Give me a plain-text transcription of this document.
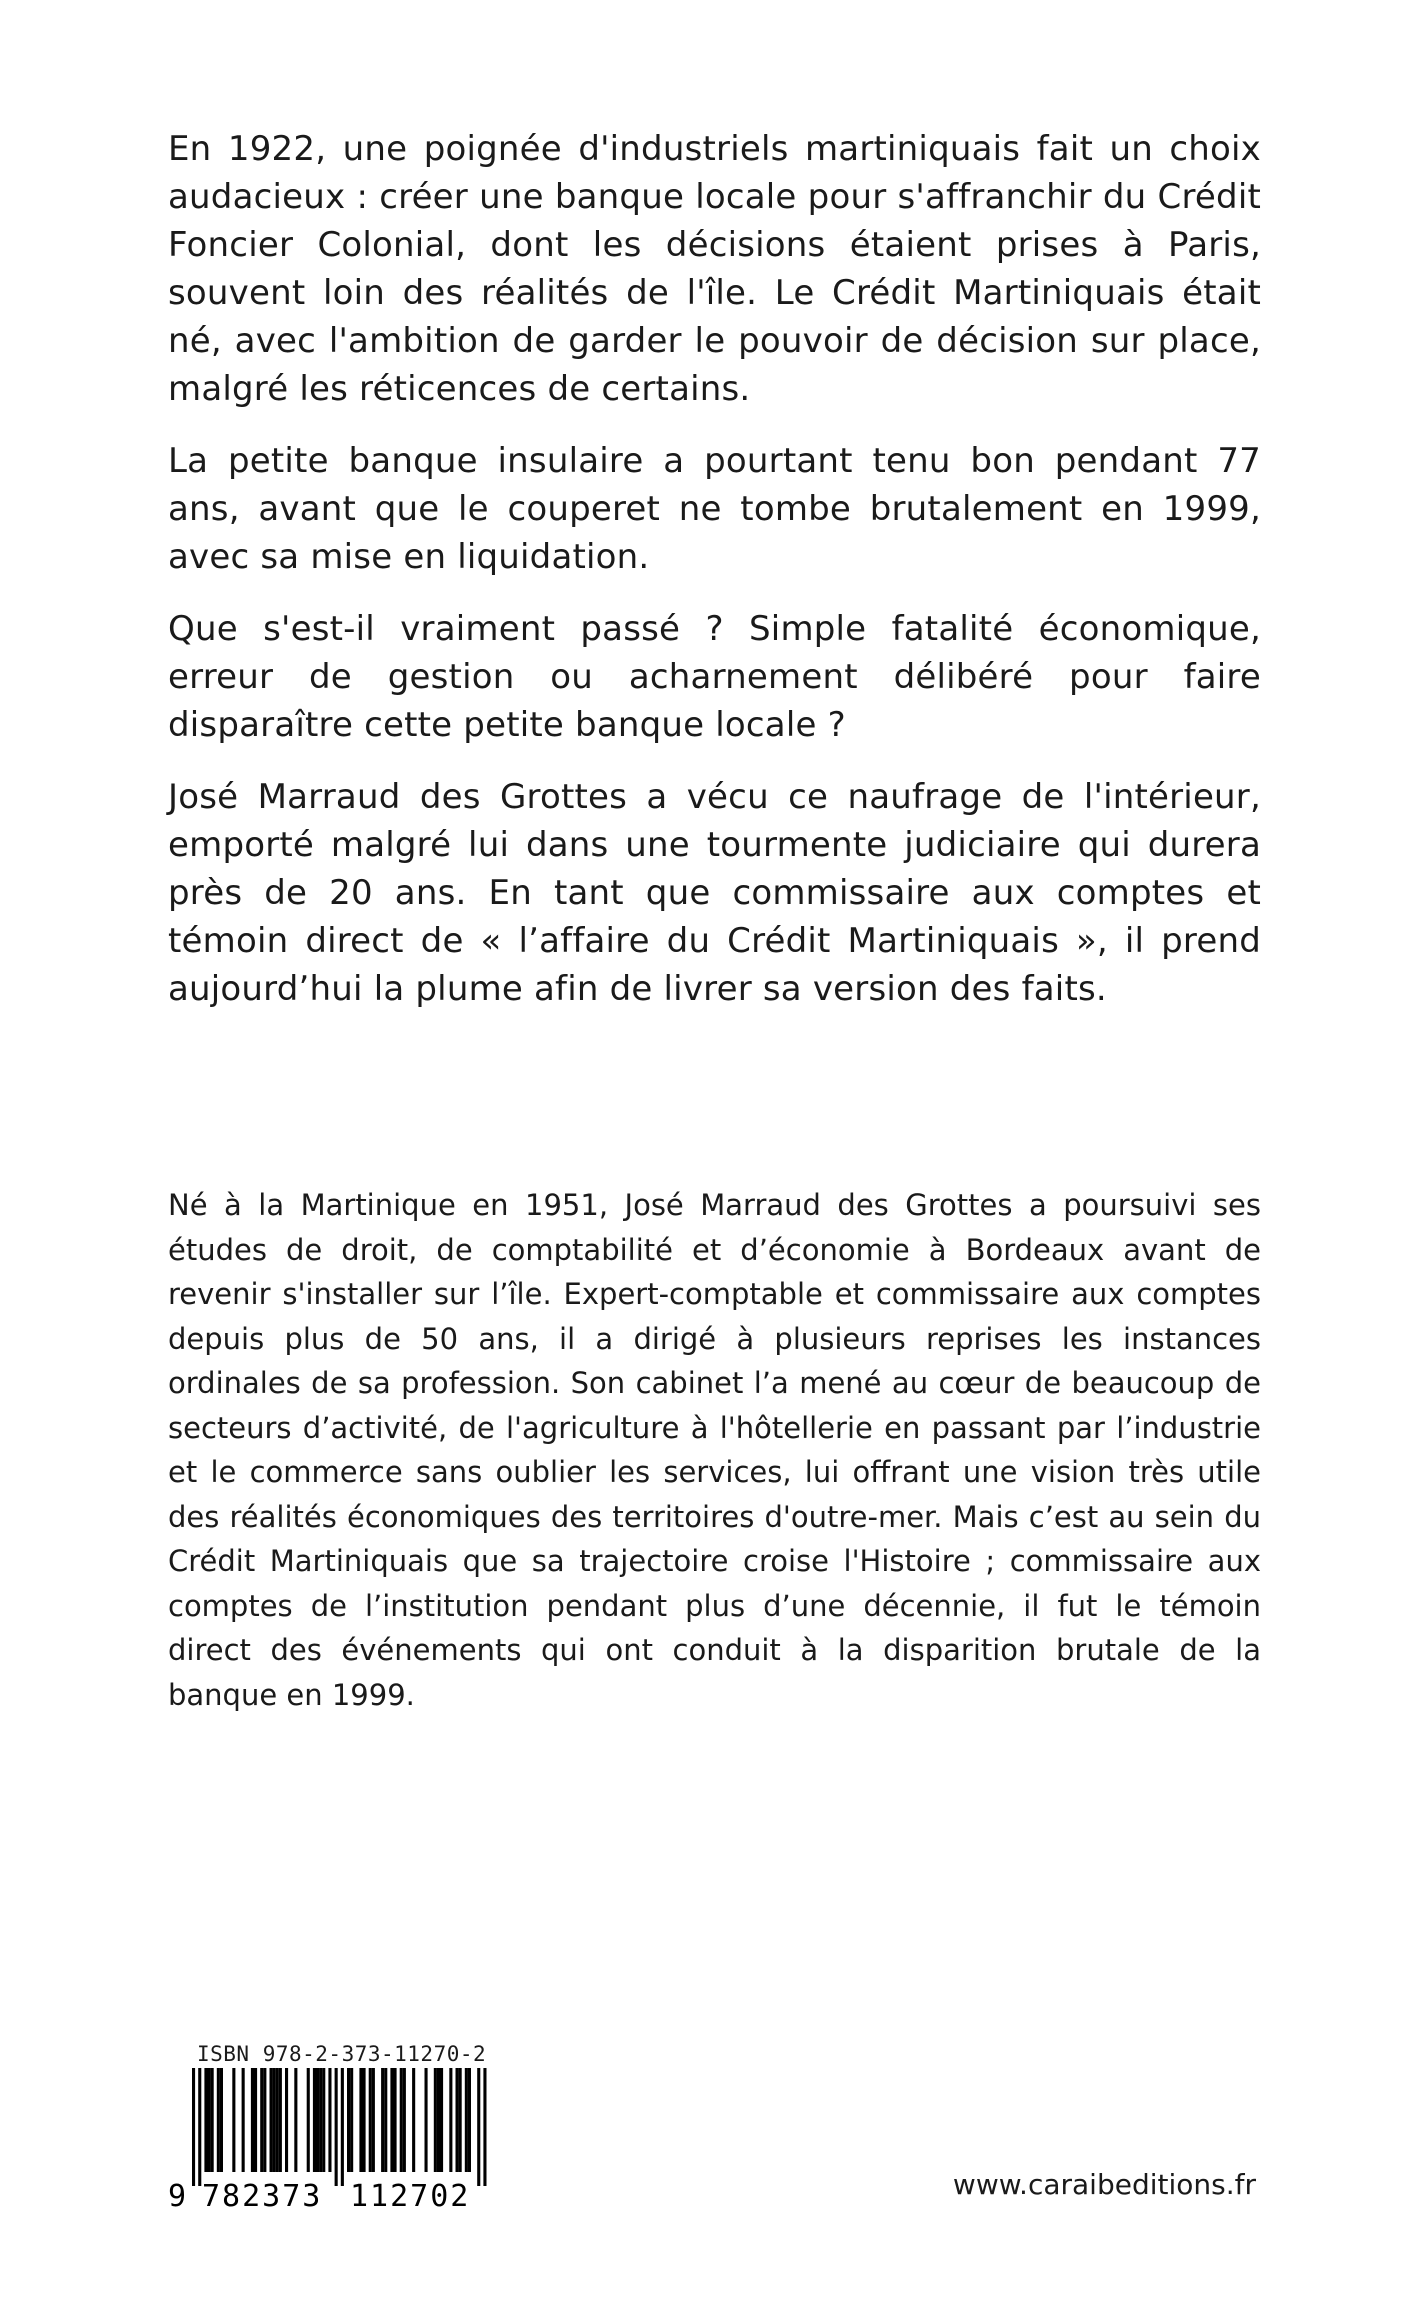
En 1922, une poignée d'industriels martiniquais fait un choix audacieux : créer une banque locale pour s'affranchir du Crédit Foncier Colonial, dont les décisions étaient prises à Paris, souvent loin des réalités de l'île. Le Crédit Martiniquais était né, avec l'ambition de garder le pouvoir de décision sur place, malgré les réticences de certains.

La petite banque insulaire a pourtant tenu bon pendant 77 ans, avant que le couperet ne tombe brutalement en 1999, avec sa mise en liquidation.

Que s'est-il vraiment passé ? Simple fatalité économique, erreur de gestion ou acharnement délibéré pour faire disparaître cette petite banque locale ?

José Marraud des Grottes a vécu ce naufrage de l'intérieur, emporté malgré lui dans une tourmente judiciaire qui durera près de 20 ans. En tant que commissaire aux comptes et témoin direct de « l’affaire du Crédit Martiniquais », il prend aujourd’hui la plume afin de livrer sa version des faits.

Né à la Martinique en 1951, José Marraud des Grottes a poursuivi ses études de droit, de comptabilité et d’économie à Bordeaux avant de revenir s'installer sur l’île. Expert-comptable et commissaire aux comptes depuis plus de 50 ans, il a dirigé à plusieurs reprises les instances ordinales de sa profession. Son cabinet l’a mené au cœur de beaucoup de secteurs d’activité, de l'agriculture à l'hôtellerie en passant par l’industrie et le commerce sans oublier les services, lui offrant une vision très utile des réalités économiques des territoires d'outre-mer. Mais c’est au sein du Crédit Martiniquais que sa trajectoire croise l'Histoire ; commissaire aux comptes de l’institution pendant plus d’une décennie, il fut le témoin direct des événements qui ont conduit à la disparition brutale de la banque en 1999.

ISBN 978-2-373-11270-2
9 782373 112702	www.caraibeditions.fr
